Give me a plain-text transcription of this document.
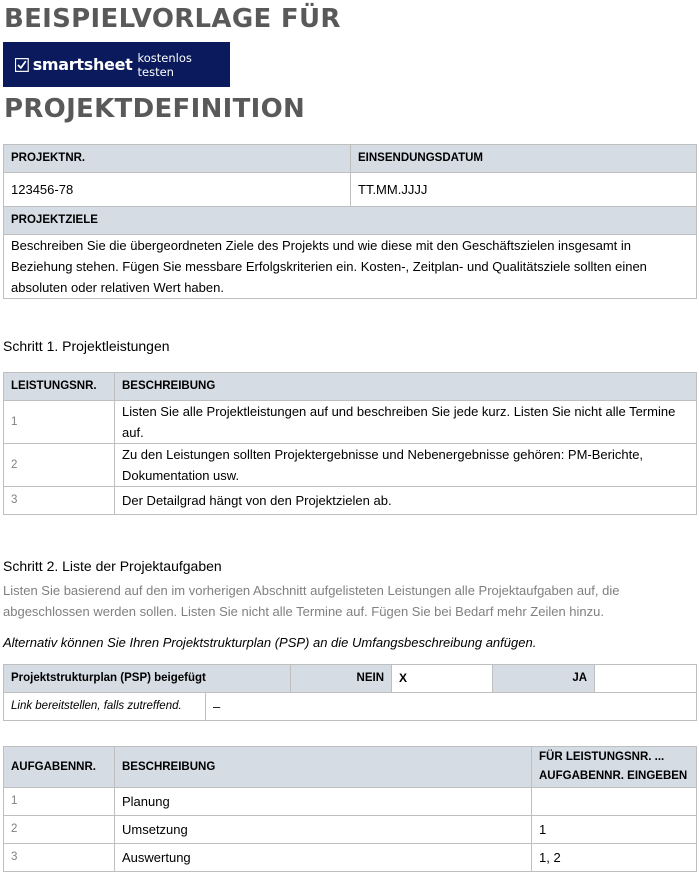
BEISPIELVORLAGE FÜR
smartsheet kostenlos testen
PROJEKTDEFINITION
PROJEKTNR.	EINSENDUNGSDATUM
123456-78	TT.MM.JJJJ
PROJEKTZIELE	
Beschreiben Sie die übergeordneten Ziele des Projekts und wie diese mit den Geschäftszielen insgesamt in Beziehung stehen. Fügen Sie messbare Erfolgskriterien ein. Kosten-, Zeitplan- und Qualitätsziele sollten einen absoluten oder relativen Wert haben.	
Schritt 1. Projektleistungen
LEISTUNGSNR.	BESCHREIBUNG
1	Listen Sie alle Projektleistungen auf und beschreiben Sie jede kurz. Listen Sie nicht alle Termine auf.
2	Zu den Leistungen sollten Projektergebnisse und Nebenergebnisse gehören: PM-Berichte, Dokumentation usw.
3	Der Detailgrad hängt von den Projektzielen ab.
Schritt 2. Liste der Projektaufgaben
Listen Sie basierend auf den im vorherigen Abschnitt aufgelisteten Leistungen alle Projektaufgaben auf, die abgeschlossen werden sollen. Listen Sie nicht alle Termine auf. Fügen Sie bei Bedarf mehr Zeilen hinzu.
Alternativ können Sie Ihren Projektstrukturplan (PSP) an die Umfangsbeschreibung anfügen.
Projektstrukturplan (PSP) beigefügt		NEIN	X	JA	
Link bereitstellen, falls zutreffend.	–				
AUFGABENNR.	BESCHREIBUNG	FÜR LEISTUNGSNR. ...
AUFGABENNR. EINGEBEN

1	Planung	
2	Umsetzung	1
3	Auswertung	1, 2
